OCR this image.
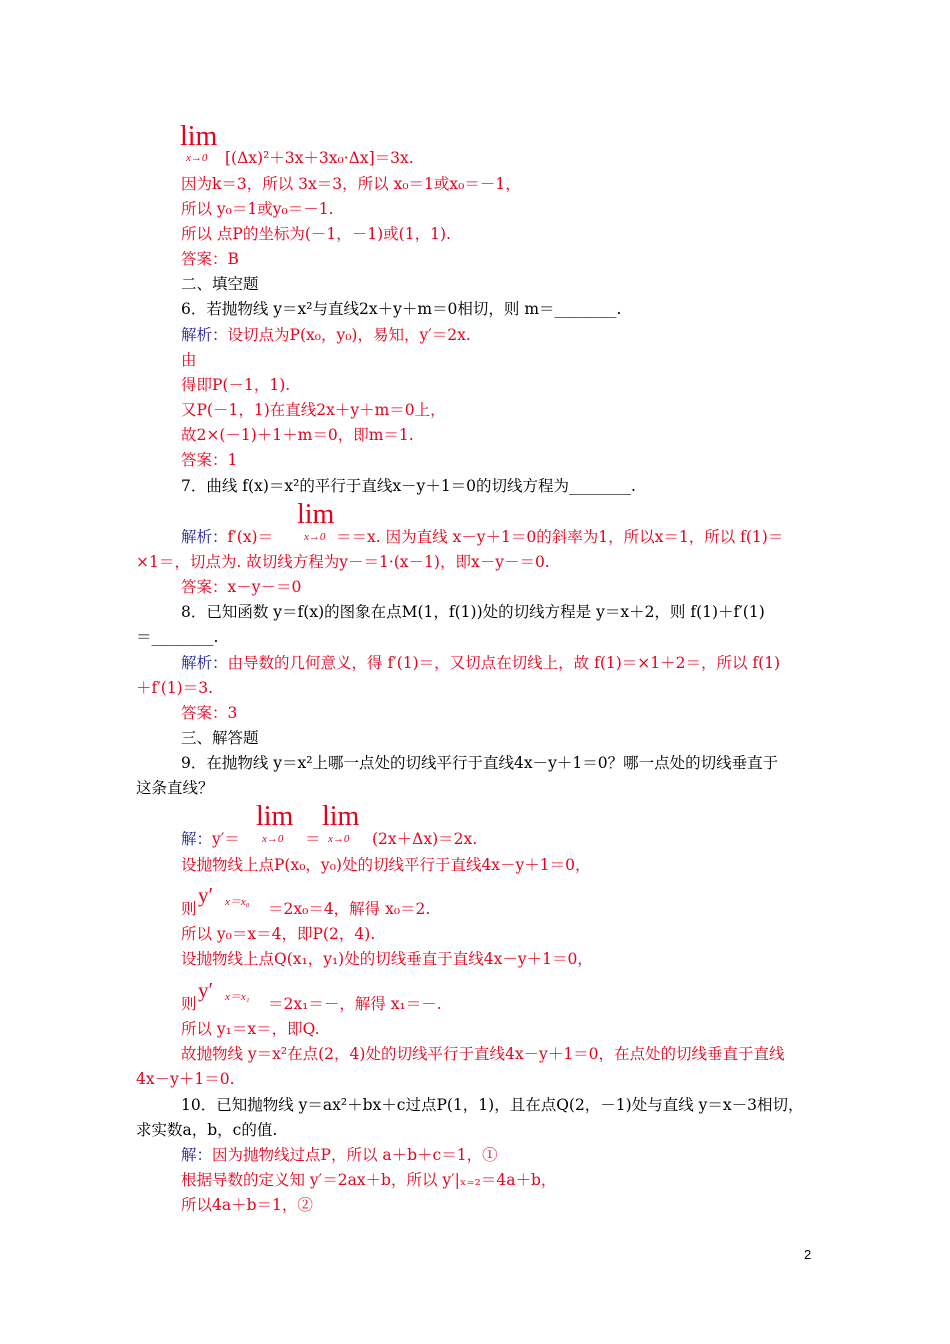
lim
x→0 [(Δx)²＋3x＋3x₀·Δx]＝3x.
因为k＝3，所以 3x＝3，所以 x₀＝1或x₀＝－1，
所以 y₀＝1或y₀＝－1.
所以 点P的坐标为(－1，－1)或(1，1).
答案：B
二、填空题
6．若抛物线 y＝x²与直线2x＋y＋m＝0相切，则 m＝________.
解析：设切点为P(x₀，y₀)，易知，y′＝2x.
由
得即P(－1，1).
又P(－1，1)在直线2x＋y＋m＝0上，
故2×(－1)＋1＋m＝0，即m＝1.
答案：1
7．曲线 f(x)＝x²的平行于直线x－y＋1＝0的切线方程为________.
lim
解析：f′(x)＝	x→0 ＝＝x. 因为直线 x－y＋1＝0的斜率为1，所以x＝1，所以 f(1)＝
×1＝，切点为. 故切线方程为y－＝1·(x－1)，即x－y－＝0.
答案：x－y－＝0
8．已知函数 y＝f(x)的图象在点M(1，f(1))处的切线方程是 y＝x＋2，则 f(1)＋f′(1)
＝________.
解析：由导数的几何意义，得 f′(1)＝，又切点在切线上，故 f(1)＝×1＋2＝，所以 f(1)
＋f′(1)＝3.
答案：3
三、解答题
9．在抛物线 y＝x²上哪一点处的切线平行于直线4x－y＋1＝0？哪一点处的切线垂直于
这条直线？
lim lim
解：y′＝ x→0 ＝ x→0 (2x＋Δx)＝2x.
设抛物线上点P(x₀，y₀)处的切线平行于直线4x－y＋1＝0，
则
y′ x＝x₀ ＝2x₀＝4，解得 x₀＝2.
所以 y₀＝x＝4，即P(2，4).
设抛物线上点Q(x₁，y₁)处的切线垂直于直线4x－y＋1＝0，
则
y′ x＝x₁ ＝2x₁＝－，解得 x₁＝－.
所以 y₁＝x＝，即Q.
故抛物线 y＝x²在点(2，4)处的切线平行于直线4x－y＋1＝0，在点处的切线垂直于直线
4x－y＋1＝0.
10．已知抛物线 y＝ax²＋bx＋c过点P(1，1)，且在点Q(2，－1)处与直线 y＝x－3相切，
求实数a，b，c的值.
解：因为抛物线过点P，所以 a＋b＋c＝1，①
根据导数的定义知 y′＝2ax＋b，所以 y′|ₓ₌₂＝4a＋b，
所以4a＋b＝1，②
2
